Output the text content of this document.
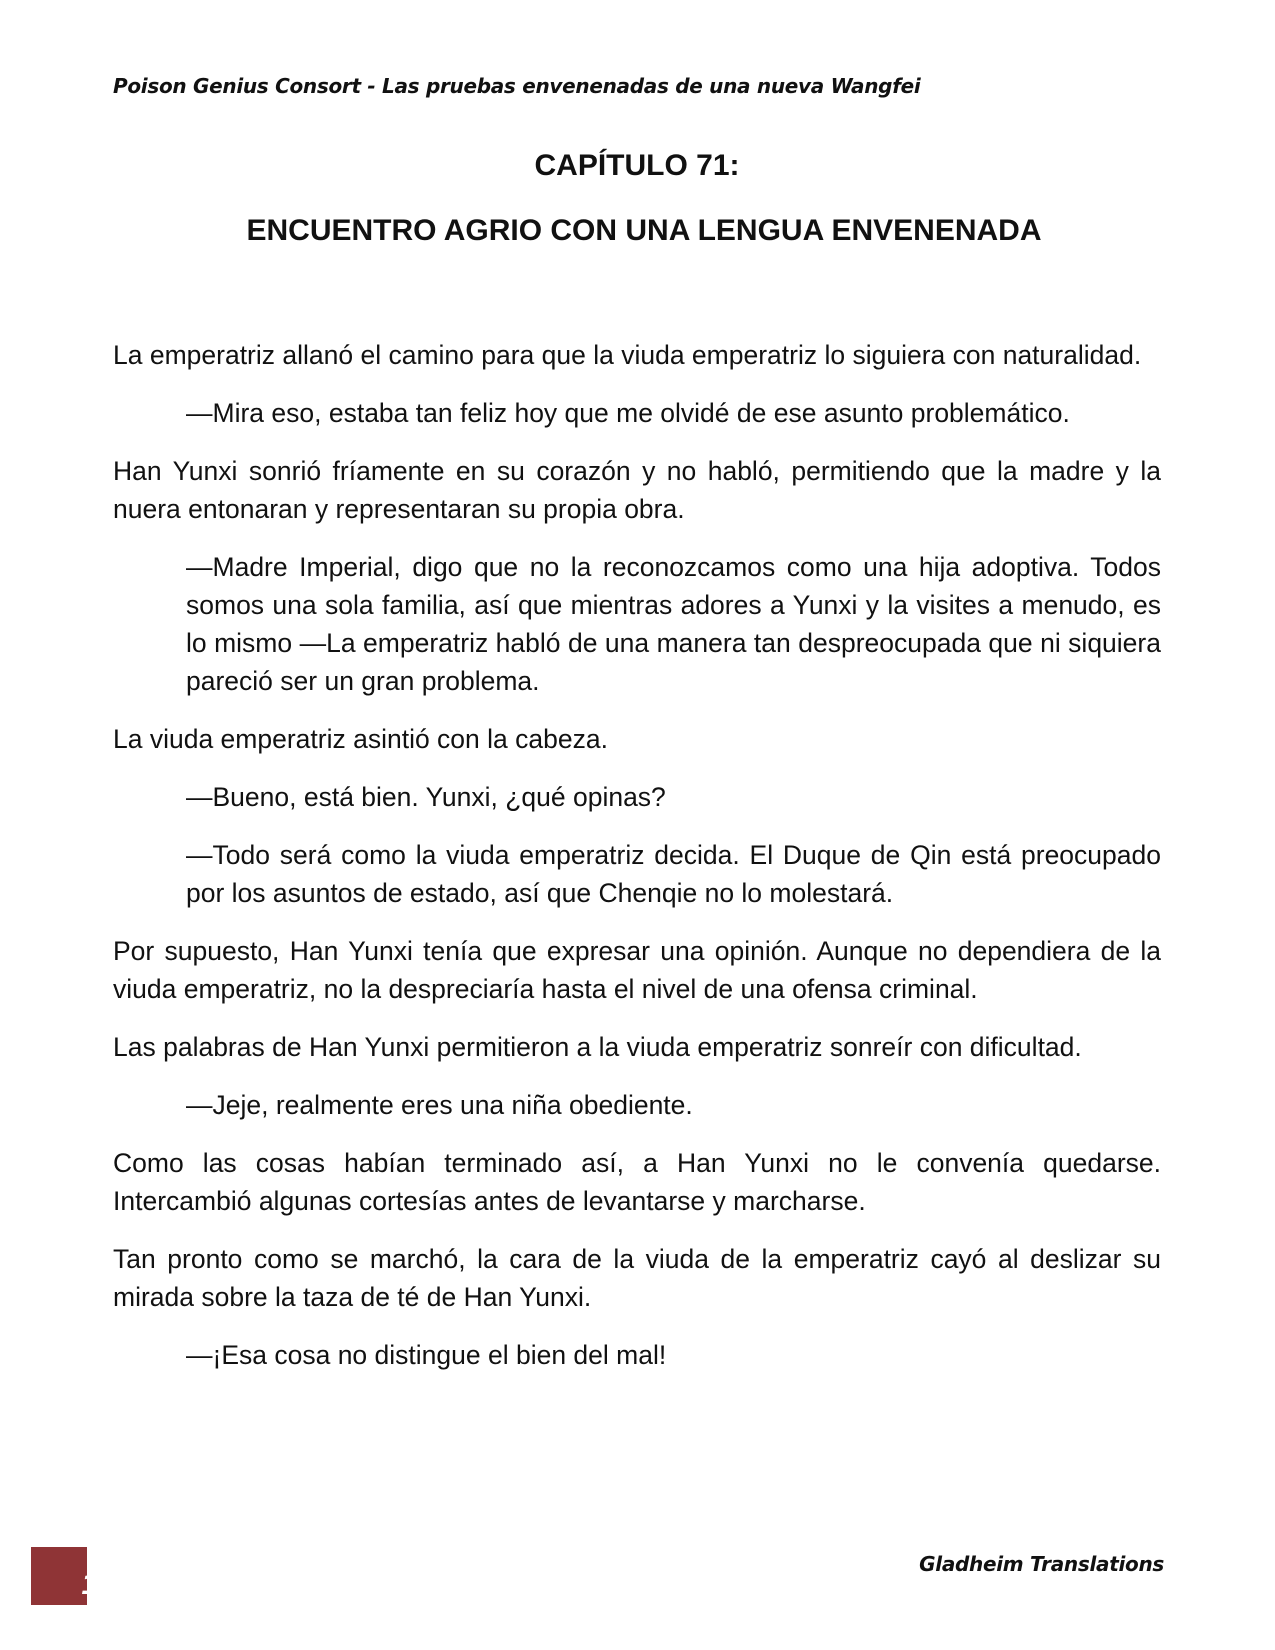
Poison Genius Consort - Las pruebas envenenadas de una nueva Wangfei
CAPÍTULO 71:
ENCUENTRO AGRIO CON UNA LENGUA ENVENENADA

La emperatriz allanó el camino para que la viuda emperatriz lo siguiera con naturalidad.

—Mira eso, estaba tan feliz hoy que me olvidé de ese asunto problemático.

Han Yunxi sonrió fríamente en su corazón y no habló, permitiendo que la madre y la nuera entonaran y representaran su propia obra.

—Madre Imperial, digo que no la reconozcamos como una hija adoptiva. Todos somos una sola familia, así que mientras adores a Yunxi y la visites a menudo, es lo mismo —La emperatriz habló de una manera tan despreocupada que ni siquiera pareció ser un gran problema.

La viuda emperatriz asintió con la cabeza.

—Bueno, está bien. Yunxi, ¿qué opinas?

—Todo será como la viuda emperatriz decida. El Duque de Qin está preocupado por los asuntos de estado, así que Chenqie no lo molestará.

Por supuesto, Han Yunxi tenía que expresar una opinión. Aunque no dependiera de la viuda emperatriz, no la despreciaría hasta el nivel de una ofensa criminal.

Las palabras de Han Yunxi permitieron a la viuda emperatriz sonreír con dificultad.

—Jeje, realmente eres una niña obediente.

Como las cosas habían terminado así, a Han Yunxi no le convenía quedarse. Intercambió algunas cortesías antes de levantarse y marcharse.

Tan pronto como se marchó, la cara de la viuda de la emperatriz cayó al deslizar su mirada sobre la taza de té de Han Yunxi.

—¡Esa cosa no distingue el bien del mal!

1
Gladheim Translations
